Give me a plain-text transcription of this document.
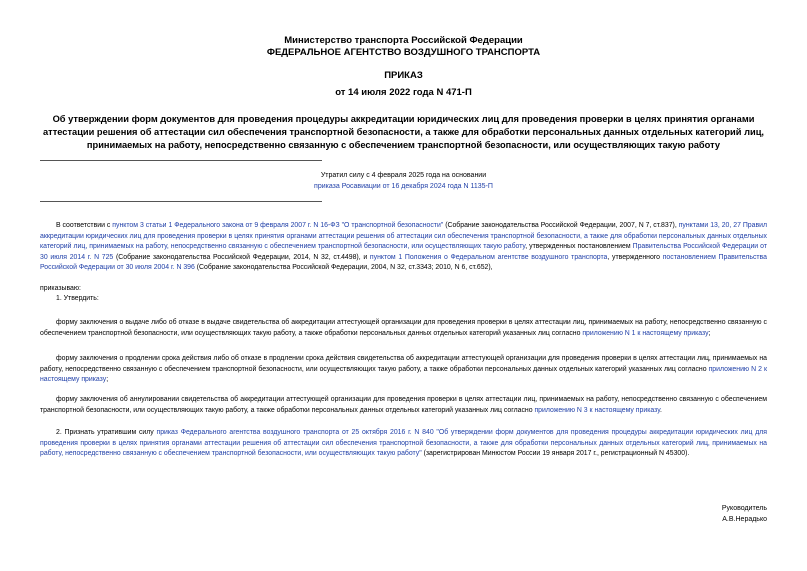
Министерство транспорта Российской Федерации
ФЕДЕРАЛЬНОЕ АГЕНТСТВО ВОЗДУШНОГО ТРАНСПОРТА
ПРИКАЗ
от 14 июля 2022 года N 471-П
Об утверждении форм документов для проведения процедуры аккредитации юридических лиц для проведения проверки в целях принятия органами аттестации решения об аттестации сил обеспечения транспортной безопасности, а также для обработки персональных данных отдельных категорий лиц, принимаемых на работу, непосредственно связанную с обеспечением транспортной безопасности, или осуществляющих такую работу
Утратил силу с 4 февраля 2025 года на основании
приказа Росавиации от 16 декабря 2024 года N 1135-П
В соответствии с пунктом 3 статьи 1 Федерального закона от 9 февраля 2007 г. N 16-ФЗ "О транспортной безопасности" (Собрание законодательства Российской Федерации, 2007, N 7, ст.837), пунктами 13, 20, 27 Правил аккредитации юридических лиц для проведения проверки в целях принятия органами аттестации решения об аттестации сил обеспечения транспортной безопасности, а также для обработки персональных данных отдельных категорий лиц, принимаемых на работу, непосредственно связанную с обеспечением транспортной безопасности, или осуществляющих такую работу, утвержденных постановлением Правительства Российской Федерации от 30 июля 2014 г. N 725 (Собрание законодательства Российской Федерации, 2014, N 32, ст.4498), и пунктом 1 Положения о Федеральном агентстве воздушного транспорта, утвержденного постановлением Правительства Российской Федерации от 30 июля 2004 г. N 396 (Собрание законодательства Российской Федерации, 2004, N 32, ст.3343; 2010, N 6, ст.652),
приказываю:
1. Утвердить:
форму заключения о выдаче либо об отказе в выдаче свидетельства об аккредитации аттестующей организации для проведения проверки в целях аттестации лиц, принимаемых на работу, непосредственно связанную с обеспечением транспортной безопасности, или осуществляющих такую работу, а также обработки персональных данных отдельных категорий указанных лиц согласно приложению N 1 к настоящему приказу;
форму заключения о продлении срока действия либо об отказе в продлении срока действия свидетельства об аккредитации аттестующей организации для проведения проверки в целях аттестации лиц, принимаемых на работу, непосредственно связанную с обеспечением транспортной безопасности, или осуществляющих такую работу, а также обработки персональных данных отдельных категорий указанных лиц согласно приложению N 2 к настоящему приказу;
форму заключения об аннулировании свидетельства об аккредитации аттестующей организации для проведения проверки в целях аттестации лиц, принимаемых на работу, непосредственно связанную с обеспечением транспортной безопасности, или осуществляющих такую работу, а также обработки персональных данных отдельных категорий указанных лиц согласно приложению N 3 к настоящему приказу.
2. Признать утратившим силу приказ Федерального агентства воздушного транспорта от 25 октября 2016 г. N 840 "Об утверждении форм документов для проведения процедуры аккредитации юридических лиц для проведения проверки в целях принятия органами аттестации решения об аттестации сил обеспечения транспортной безопасности, а также для обработки персональных данных отдельных категорий лиц, принимаемых на работу, непосредственно связанную с обеспечением транспортной безопасности, или осуществляющих такую работу" (зарегистрирован Минюстом России 19 января 2017 г., регистрационный N 45300).
Руководитель
А.В.Нерадько
